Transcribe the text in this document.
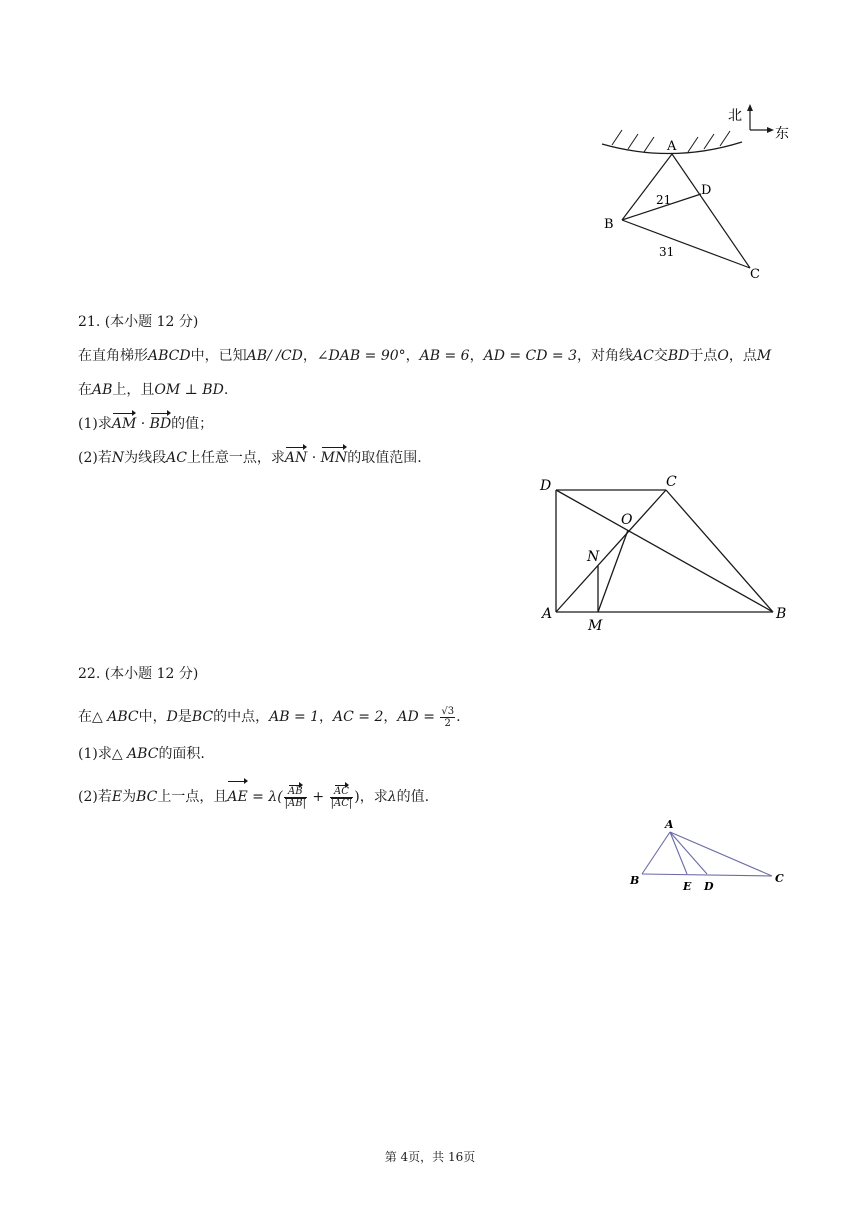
北
东
A
B
C
D
21
31
21. (本小题 12 分)
在直角梯形ABCD中，已知AB/ /CD，∠DAB = 90°，AB = 6，AD = CD = 3，对角线AC交BD于点O，点M
在AB上，且OM ⊥ BD.
(1)求AM · BD的值；
(2)若N为线段AC上任意一点，求AN · MN的取值范围.
D	C
O
N
A
M
B
22. (本小题 12 分)
在△ ABC中，D是BC的中点，AB = 1，AC = 2，AD = $\frac{√3}{2}$ .
(1)求△ ABC的面积.
(2)若E为BC上一点，且AE = $\lambda( \frac{AB}{|AB|} + \frac{AC}{|AC|}$ )，求λ的值.
A
B	E D
C
第 4页，共 16页
